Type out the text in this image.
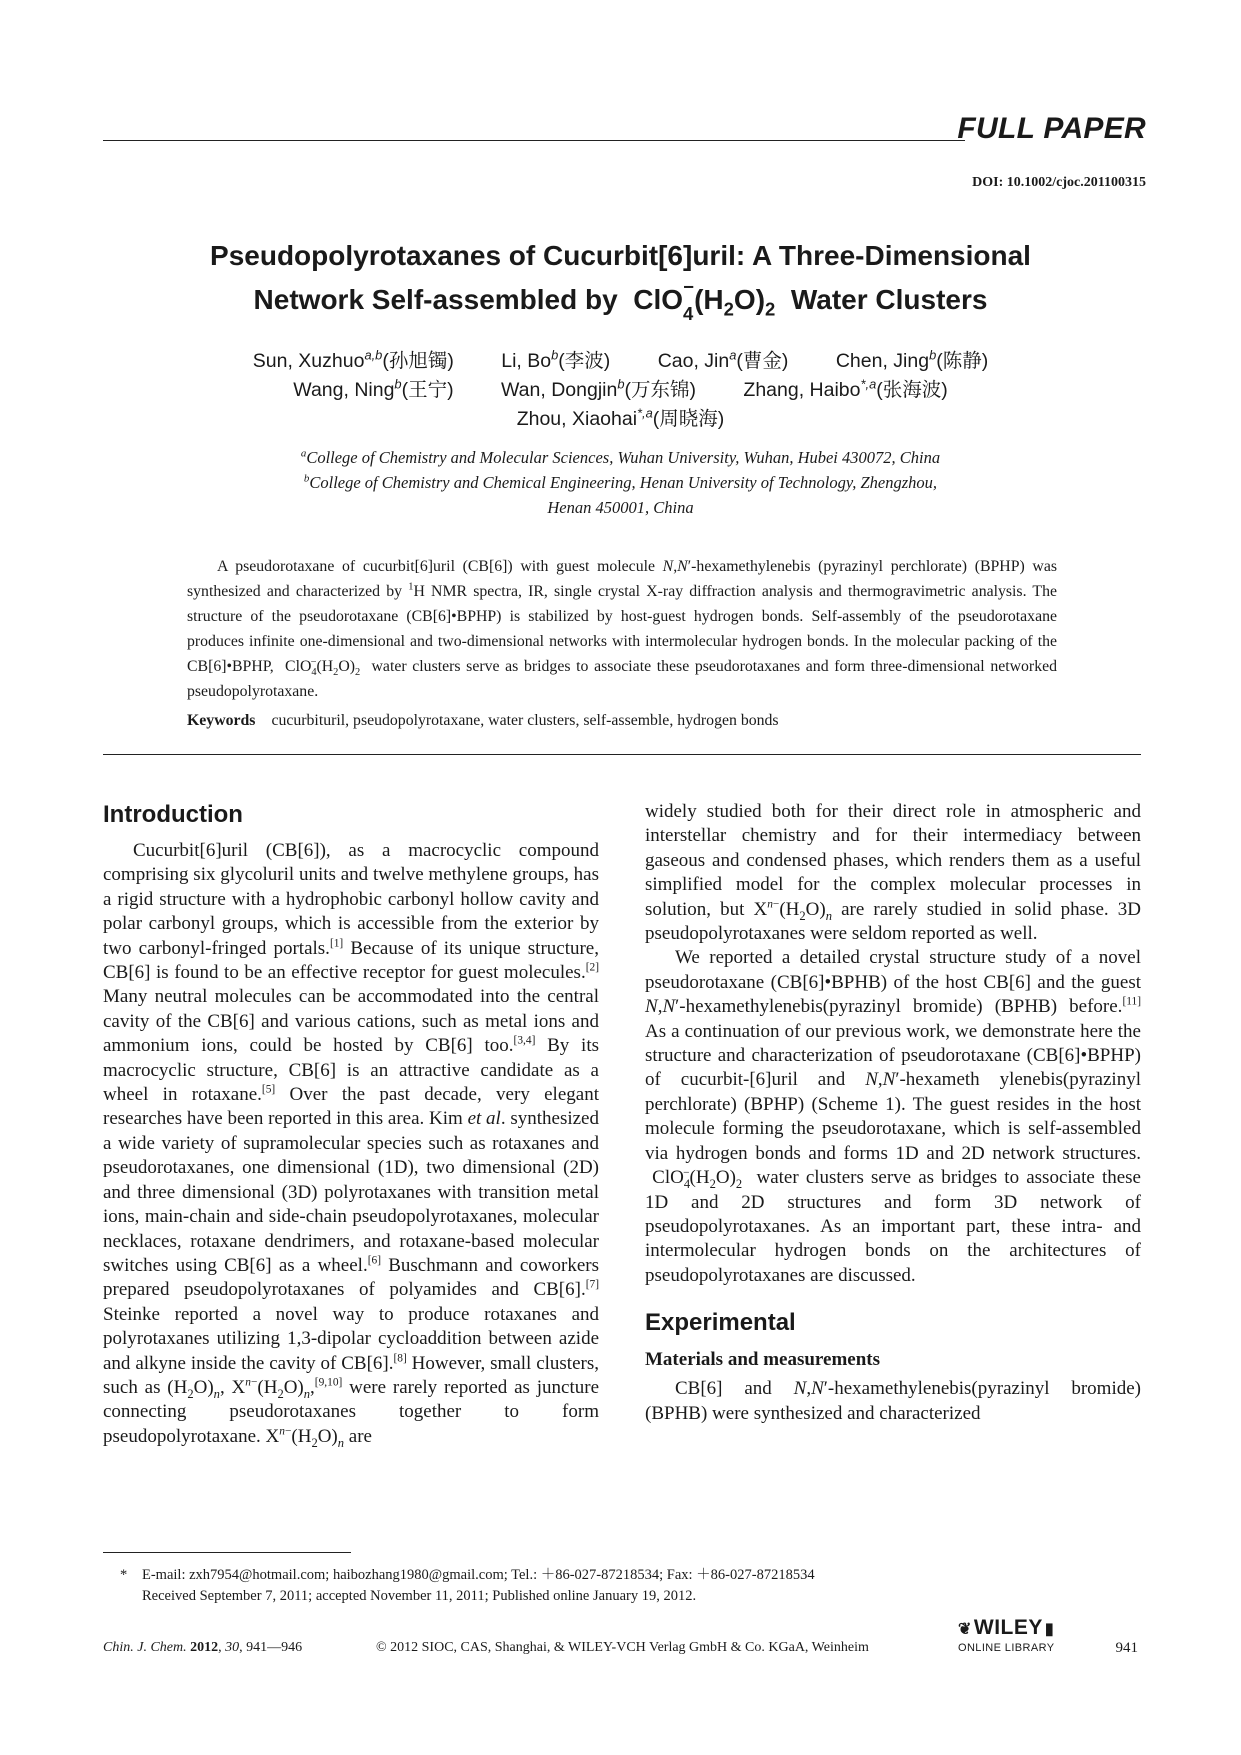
FULL PAPER
DOI: 10.1002/cjoc.201100315
Pseudopolyrotaxanes of Cucurbit[6]uril: A Three-Dimensional
Network Self-assembled by $ClO_4^-(H_2O)_2$ Water Clusters
Sun, Xuzhuo$^{a,b}$(孙旭镯) Li, Bo$^b$(李波) Cao, Jin$^a$(曹金) Chen, Jing$^b$(陈静)
Wang, Ning$^b$(王宁) Wan, Dongjin$^b$(万东锦) Zhang, Haibo$^{*,a}$(张海波)
Zhou, Xiaohai$^{*,a}$(周晓海)
$^a$College of Chemistry and Molecular Sciences, Wuhan University, Wuhan, Hubei 430072, China
$^b$College of Chemistry and Chemical Engineering, Henan University of Technology, Zhengzhou,
Henan 450001, China

A pseudorotaxane of cucurbit[6]uril (CB[6]) with guest molecule N,N′-hexamethylenebis (pyrazinyl perchlorate) (BPHP) was synthesized and characterized by $^1$H NMR spectra, IR, single crystal X-ray diffraction analysis and thermogravimetric analysis. The structure of the pseudorotaxane (CB[6]•BPHP) is stabilized by host-guest hydrogen bonds. Self-assembly of the pseudorotaxane produces infinite one-dimensional and two-dimensional networks with intermolecular hydrogen bonds. In the molecular packing of the CB[6]•BPHP,  $ClO_4^-(H_2O)_2$  water clusters serve as bridges to associate these pseudorotaxanes and form three-dimensional networked pseudopolyrotaxane.

Keywords cucurbituril, pseudopolyrotaxane, water clusters, self-assemble, hydrogen bonds
Introduction

Cucurbit[6]uril (CB[6]), as a macrocyclic compound comprising six glycoluril units and twelve methylene groups, has a rigid structure with a hydrophobic carbonyl hollow cavity and polar carbonyl groups, which is accessible from the exterior by two carbonyl-fringed portals.[1] Because of its unique structure, CB[6] is found to be an effective receptor for guest molecules.[2] Many neutral molecules can be accommodated into the central cavity of the CB[6] and various cations, such as metal ions and ammonium ions, could be hosted by CB[6] too.[3,4] By its macrocyclic structure, CB[6] is an attractive candidate as a wheel in rotaxane.[5] Over the past decade, very elegant researches have been reported in this area. Kim et al. synthesized a wide variety of supramolecular species such as rotaxanes and pseudorotaxanes, one dimensional (1D), two dimensional (2D) and three dimensional (3D) polyrotaxanes with transition metal ions, main-chain and side-chain pseudopolyrotaxanes, molecular necklaces, rotaxane dendrimers, and rotaxane-based molecular switches using CB[6] as a wheel.[6] Buschmann and coworkers prepared pseudopolyrotaxanes of polyamides and CB[6].[7] Steinke reported a novel way to produce rotaxanes and polyrotaxanes utilizing 1,3-dipolar cycloaddition between azide and alkyne inside the cavity of CB[6].[8] However, small clusters, such as $(H_2O)_n$, $X^{n-}(H_2O)_n,[9,10]$ were rarely reported as juncture connecting pseudorotaxanes together to form pseudopolyrotaxane. $X^{n-}(H_2O)_n$ are

widely studied both for their direct role in atmospheric and interstellar chemistry and for their intermediacy between gaseous and condensed phases, which renders them as a useful simplified model for the complex molecular processes in solution, but $X^{n-}(H_2O)_n$ are rarely studied in solid phase. 3D pseudopolyrotaxanes were seldom reported as well.

We reported a detailed crystal structure study of a novel pseudorotaxane (CB[6]•BPHB) of the host CB[6] and the guest N,N′-hexamethylenebis(pyrazinyl bromide) (BPHB) before.[11] As a continuation of our previous work, we demonstrate here the structure and characterization of pseudorotaxane (CB[6]•BPHP) of cucurbit-[6]uril and N,N′-hexameth ylenebis(pyrazinyl perchlorate) (BPHP) (Scheme 1). The guest resides in the host molecule forming the pseudorotaxane, which is self-assembled via hydrogen bonds and forms 1D and 2D network structures.  $ClO_4^-(H_2O)_2$  water clusters serve as bridges to associate these 1D and 2D structures and form 3D network of pseudopolyrotaxanes. As an important part, these intra- and intermolecular hydrogen bonds on the architectures of pseudopolyrotaxanes are discussed.

Experimental
Materials and measurements

CB[6] and N,N′-hexamethylenebis(pyrazinyl bromide) (BPHB) were synthesized and characterized

* E-mail: zxh7954@hotmail.com; haibozhang1980@gmail.com; Tel.: ＋86-027-87218534; Fax: ＋86-027-87218534
Received September 7, 2011; accepted November 11, 2011; Published online January 19, 2012.
Chin. J. Chem. 2012, 30, 941—946	© 2012 SIOC, CAS, Shanghai, & WILEY-VCH Verlag GmbH & Co. KGaA, Weinheim
❦WILEY ▮
ONLINE LIBRARY	941
